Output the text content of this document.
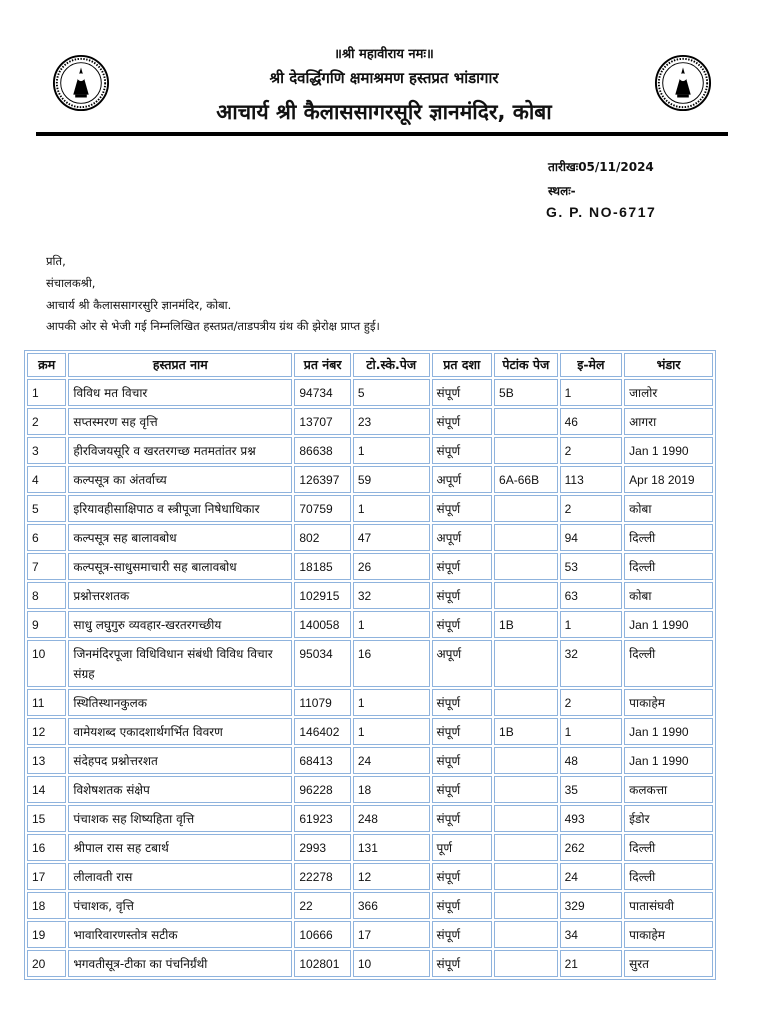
॥श्री महावीराय नमः॥
श्री देवर्द्धिगणि क्षमाश्रमण हस्तप्रत भांडागार
आचार्य श्री कैलाससागरसूरि ज्ञानमंदिर, कोबा
तारीखः05/11/2024
स्थलः-
G. P. NO-6717
प्रति,
संचालकश्री,
आचार्य श्री कैलाससागरसुरि ज्ञानमंदिर, कोबा.
आपकी ओर से भेजी गई निम्नलिखित हस्तप्रत/ताडपत्रीय ग्रंथ की झेरोक्ष प्राप्त हुई।
क्रम	हस्तप्रत नाम	प्रत नंबर	टो.स्के.पेज	प्रत दशा	पेटांक पेज	इ-मेल	भंडार
1	विविध मत विचार	94734	5	संपूर्ण	5B	1	जालोर
2	सप्तस्मरण सह वृत्ति	13707	23	संपूर्ण		46	आगरा
3	हीरविजयसूरि व खरतरगच्छ मतमतांतर प्रश्न	86638	1	संपूर्ण		2	Jan 1 1990
4	कल्पसूत्र का अंतर्वाच्य	126397	59	अपूर्ण	6A-66B	113	Apr 18 2019
5	इरियावहीसाक्षिपाठ व स्त्रीपूजा निषेधाधिकार	70759	1	संपूर्ण		2	कोबा
6	कल्पसूत्र सह बालावबोध	802	47	अपूर्ण		94	दिल्ली
7	कल्पसूत्र-साधुसमाचारी सह बालावबोध	18185	26	संपूर्ण		53	दिल्ली
8	प्रश्नोत्तरशतक	102915	32	संपूर्ण		63	कोबा
9	साधु लघुगुरु व्यवहार-खरतरगच्छीय	140058	1	संपूर्ण	1B	1	Jan 1 1990
10	जिनमंदिरपूजा विधिविधान संबंधी विविध विचार संग्रह	95034	16	अपूर्ण		32	दिल्ली
11	स्थितिस्थानकुलक	11079	1	संपूर्ण		2	पाकाहेम
12	वामेयशब्द एकादशार्थगर्भित विवरण	146402	1	संपूर्ण	1B	1	Jan 1 1990
13	संदेहपद प्रश्नोत्तरशत	68413	24	संपूर्ण		48	Jan 1 1990
14	विशेषशतक संक्षेप	96228	18	संपूर्ण		35	कलकत्ता
15	पंचाशक सह शिष्यहिता वृत्ति	61923	248	संपूर्ण		493	ईडोर
16	श्रीपाल रास सह टबार्थ	2993	131	पूर्ण		262	दिल्ली
17	लीलावती रास	22278	12	संपूर्ण		24	दिल्ली
18	पंचाशक, वृत्ति	22	366	संपूर्ण		329	पातासंघवी
19	भावारिवारणस्तोत्र सटीक	10666	17	संपूर्ण		34	पाकाहेम
20	भगवतीसूत्र-टीका का पंचनिर्ग्रंथी	102801	10	संपूर्ण		21	सुरत
